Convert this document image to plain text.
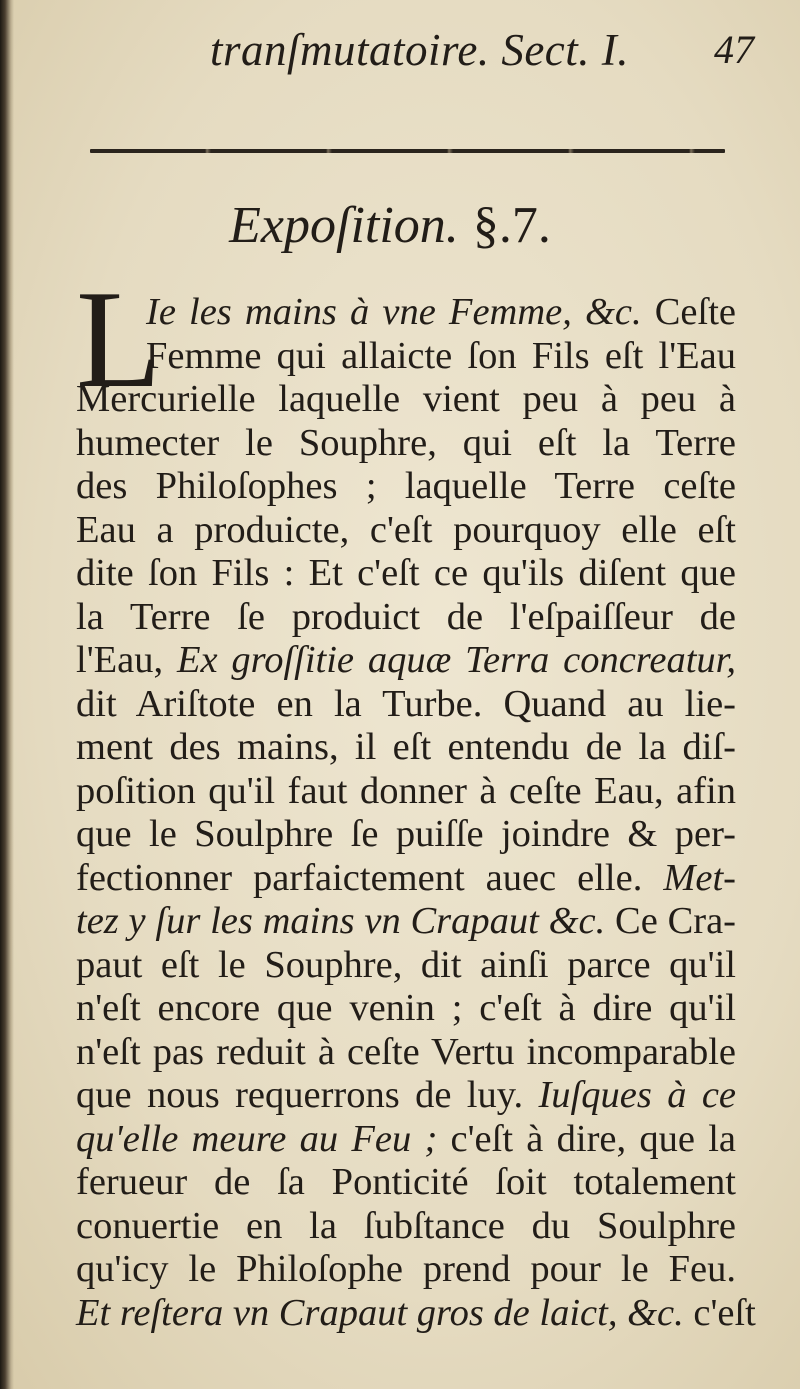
tranſmutatoire. Sect. I. 47
Expoſition. §.7.
L
Ie les mains à vne Femme, &c. Ceſte
Femme qui allaicte ſon Fils eſt l'Eau
Mercurielle laquelle vient peu à peu à
humecter le Souphre, qui eſt la Terre
des Philoſophes ; laquelle Terre ceſte
Eau a produicte, c'eſt pourquoy elle eſt
dite ſon Fils : Et c'eſt ce qu'ils diſent que
la Terre ſe produict de l'eſpaiſſeur de
l'Eau, Ex groſſitie aquæ Terra concreatur,
dit Ariſtote en la Turbe. Quand au lie-
ment des mains, il eſt entendu de la diſ-
poſition qu'il faut donner à ceſte Eau, afin
que le Soulphre ſe puiſſe joindre & per-
fectionner parfaictement auec elle. Met-
tez y ſur les mains vn Crapaut &c. Ce Cra-
paut eſt le Souphre, dit ainſi parce qu'il
n'eſt encore que venin ; c'eſt à dire qu'il
n'eſt pas reduit à ceſte Vertu incomparable
que nous requerrons de luy. Iuſques à ce
qu'elle meure au Feu ; c'eſt à dire, que la
ferueur de ſa Ponticité ſoit totalement
conuertie en la ſubſtance du Soulphre
qu'icy le Philoſophe prend pour le Feu.
Et reſtera vn Crapaut gros de laict, &c. c'eſt
